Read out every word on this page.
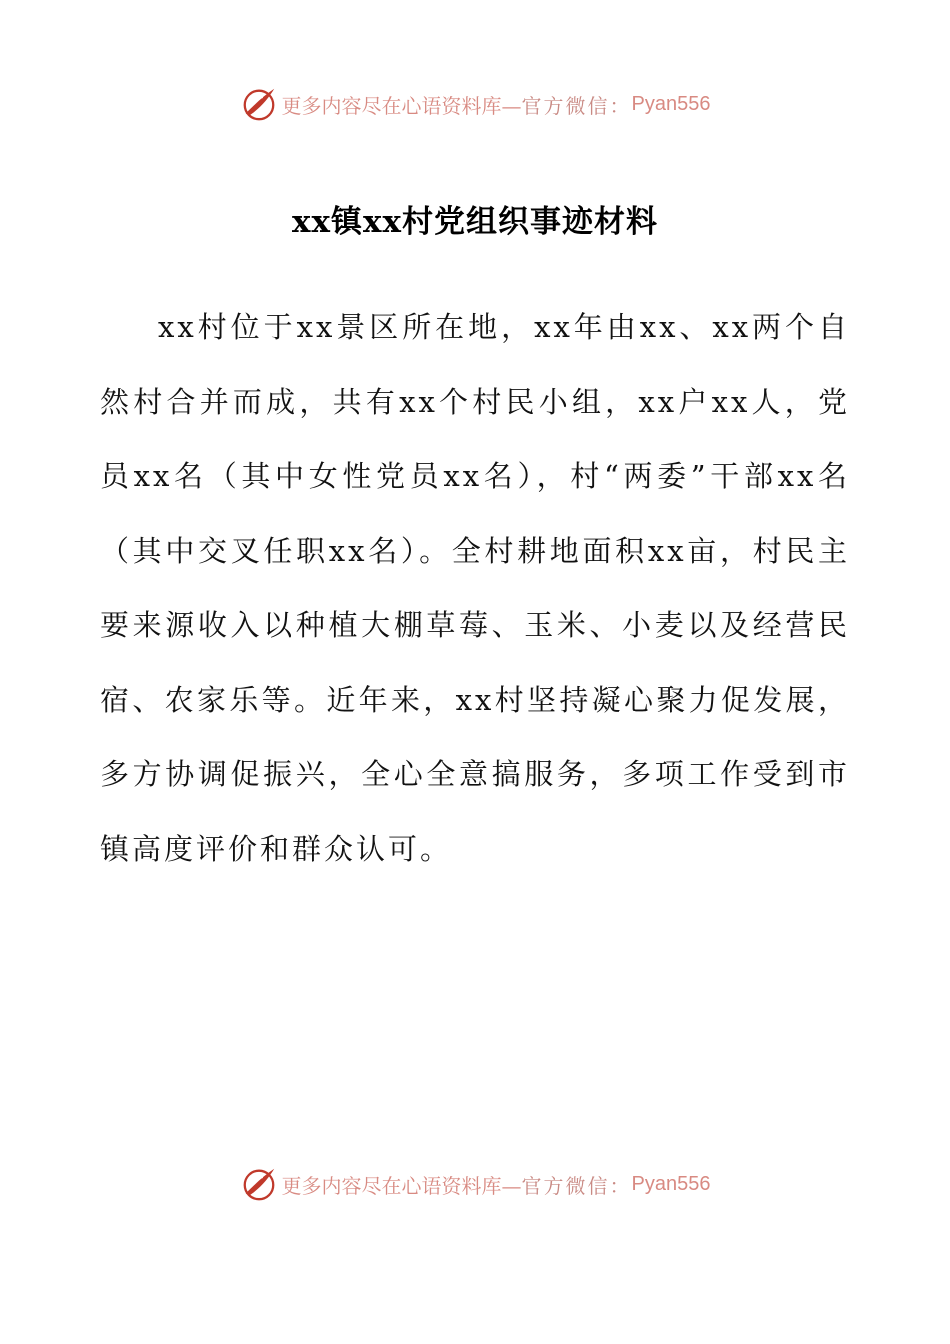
更多内容尽在心语资料库— 官方微信： Pyan556
xx镇xx村党组织事迹材料

xx村位于xx景区所在地，xx年由xx、xx两个自然村合并而成，共有xx个村民小组，xx户xx人，党员xx名（其中女性党员xx名），村“两委”干部xx名（其中交叉任职xx名）。全村耕地面积xx亩，村民主要来源收入以种植大棚草莓、玉米、小麦以及经营民宿、农家乐等。近年来，xx村坚持凝心聚力促发展，多方协调促振兴，全心全意搞服务，多项工作受到市镇高度评价和群众认可。

更多内容尽在心语资料库— 官方微信： Pyan556
